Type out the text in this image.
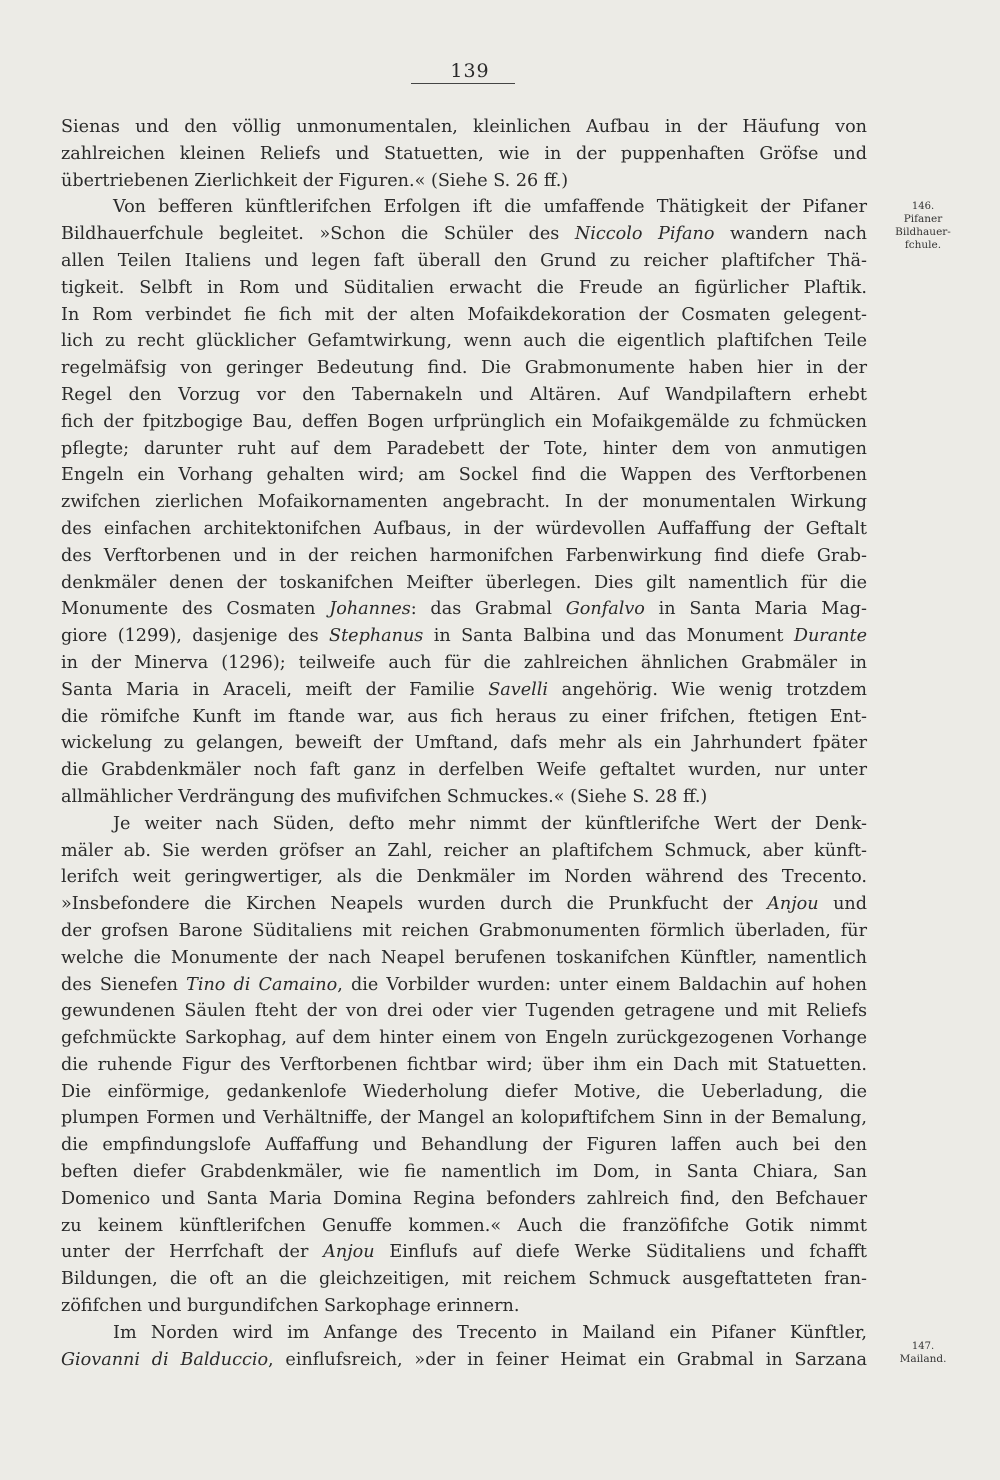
139
146.
Pifaner
Bildhauer-
fchule.
147.
Mailand.
Sienas und den völlig unmonumentalen, kleinlichen Aufbau in der Häufung von
zahlreichen kleinen Reliefs und Statuetten, wie in der puppenhaften Gröfse und
übertriebenen Zierlichkeit der Figuren.« (Siehe S. 26 ff.)
Von befferen künftlerifchen Erfolgen ift die umfaffende Thätigkeit der Pifaner
Bildhauerfchule begleitet. »Schon die Schüler des Niccolo Pifano wandern nach
allen Teilen Italiens und legen faft überall den Grund zu reicher plaftifcher Thä-
tigkeit. Selbft in Rom und Süditalien erwacht die Freude an figürlicher Plaftik.
In Rom verbindet fie fich mit der alten Mofaikdekoration der Cosmaten gelegent-
lich zu recht glücklicher Gefamtwirkung, wenn auch die eigentlich plaftifchen Teile
regelmäfsig von geringer Bedeutung find. Die Grabmonumente haben hier in der
Regel den Vorzug vor den Tabernakeln und Altären. Auf Wandpilaftern erhebt
fich der fpitzbogige Bau, deffen Bogen urfprünglich ein Mofaikgemälde zu fchmücken
pflegte; darunter ruht auf dem Paradebett der Tote, hinter dem von anmutigen
Engeln ein Vorhang gehalten wird; am Sockel find die Wappen des Verftorbenen
zwifchen zierlichen Mofaikornamenten angebracht. In der monumentalen Wirkung
des einfachen architektonifchen Aufbaus, in der würdevollen Auffaffung der Geftalt
des Verftorbenen und in der reichen harmonifchen Farbenwirkung find diefe Grab-
denkmäler denen der toskanifchen Meifter überlegen. Dies gilt namentlich für die
Monumente des Cosmaten Johannes: das Grabmal Gonfalvo in Santa Maria Mag-
giore (1299), dasjenige des Stephanus in Santa Balbina und das Monument Durante
in der Minerva (1296); teilweife auch für die zahlreichen ähnlichen Grabmäler in
Santa Maria in Araceli, meift der Familie Savelli angehörig. Wie wenig trotzdem
die römifche Kunft im ftande war, aus fich heraus zu einer frifchen, ftetigen Ent-
wickelung zu gelangen, beweift der Umftand, dafs mehr als ein Jahrhundert fpäter
die Grabdenkmäler noch faft ganz in derfelben Weife geftaltet wurden, nur unter
allmählicher Verdrängung des mufivifchen Schmuckes.« (Siehe S. 28 ff.)
Je weiter nach Süden, defto mehr nimmt der künftlerifche Wert der Denk-
mäler ab. Sie werden gröfser an Zahl, reicher an plaftifchem Schmuck, aber künft-
lerifch weit geringwertiger, als die Denkmäler im Norden während des Trecento.
»Insbefondere die Kirchen Neapels wurden durch die Prunkfucht der Anjou und
der grofsen Barone Süditaliens mit reichen Grabmonumenten förmlich überladen, für
welche die Monumente der nach Neapel berufenen toskanifchen Künftler, namentlich
des Sienefen Tino di Camaino, die Vorbilder wurden: unter einem Baldachin auf hohen
gewundenen Säulen fteht der von drei oder vier Tugenden getragene und mit Reliefs
gefchmückte Sarkophag, auf dem hinter einem von Engeln zurückgezogenen Vorhange
die ruhende Figur des Verftorbenen fichtbar wird; über ihm ein Dach mit Statuetten.
Die einförmige, gedankenlofe Wiederholung diefer Motive, die Ueberladung, die
plumpen Formen und Verhältniffe, der Mangel an kolориftifchem Sinn in der Bemalung,
die empfindungslofe Auffaffung und Behandlung der Figuren laffen auch bei den
beften diefer Grabdenkmäler, wie fie namentlich im Dom, in Santa Chiara, San
Domenico und Santa Maria Domina Regina befonders zahlreich find, den Befchauer
zu keinem künftlerifchen Genuffe kommen.« Auch die franzöfifche Gotik nimmt
unter der Herrfchaft der Anjou Einflufs auf diefe Werke Süditaliens und fchafft
Bildungen, die oft an die gleichzeitigen, mit reichem Schmuck ausgeftatteten fran-
zöfifchen und burgundifchen Sarkophage erinnern.
Im Norden wird im Anfange des Trecento in Mailand ein Pifaner Künftler,
Giovanni di Balduccio, einflufsreich, »der in feiner Heimat ein Grabmal in Sarzana
